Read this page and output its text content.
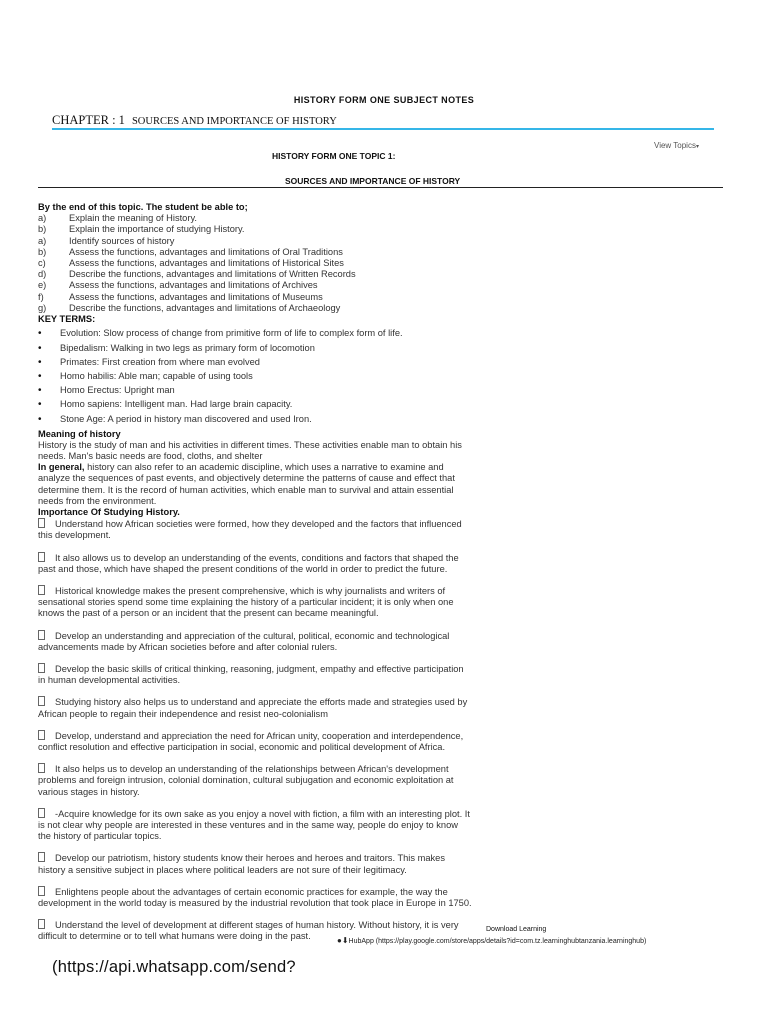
HISTORY FORM ONE SUBJECT NOTES
CHAPTER : 1 SOURCES AND IMPORTANCE OF HISTORY
View Topics▾
HISTORY FORM ONE TOPIC 1:
SOURCES AND IMPORTANCE OF HISTORY

By the end of this topic. The student be able to;

a)	Explain the meaning of History.
b)	Explain the importance of studying History.
a)	Identify sources of history
b)	Assess the functions, advantages and limitations of Oral Traditions
c)	Assess the functions, advantages and limitations of Historical Sites
d)	Describe the functions, advantages and limitations of Written Records
e)	Assess the functions, advantages and limitations of Archives
f)	Assess the functions, advantages and limitations of Museums
g)	Describe the functions, advantages and limitations of Archaeology

KEY TERMS:

• Evolution: Slow process of change from primitive form of life to complex form of life.
• Bipedalism: Walking in two legs as primary form of locomotion
• Primates: First creation from where man evolved
• Homo habilis: Able man; capable of using tools
• Homo Erectus: Upright man
• Homo sapiens: Intelligent man. Had large brain capacity.
• Stone Age: A period in history man discovered and used Iron.

Meaning of history

History is the study of man and his activities in different times. These activities enable man to obtain his needs. Man's basic needs are food, cloths, and shelter

In general, history can also refer to an academic discipline, which uses a narrative to examine and analyze the sequences of past events, and objectively determine the patterns of cause and effect that determine them. It is the record of human activities, which enable man to survival and attain essential needs from the environment.

Importance Of Studying History.

Understand how African societies were formed, how they developed and the factors that influenced this development.

It also allows us to develop an understanding of the events, conditions and factors that shaped the past and those, which have shaped the present conditions of the world in order to predict the future.

Historical knowledge makes the present comprehensive, which is why journalists and writers of sensational stories spend some time explaining the history of a particular incident; it is only when one knows the past of a person or an incident that the present can became meaningful.

Develop an understanding and appreciation of the cultural, political, economic and technological advancements made by African societies before and after colonial rulers.

Develop the basic skills of critical thinking, reasoning, judgment, empathy and effective participation in human developmental activities.

Studying history also helps us to understand and appreciate the efforts made and strategies used by African people to regain their independence and resist neo-colonialism

Develop, understand and appreciation the need for African unity, cooperation and interdependence, conflict resolution and effective participation in social, economic and political development of Africa.

It also helps us to develop an understanding of the relationships between African's development problems and foreign intrusion, colonial domination, cultural subjugation and economic exploitation at various stages in history.

-Acquire knowledge for its own sake as you enjoy a novel with fiction, a film with an interesting plot. It is not clear why people are interested in these ventures and in the same way, people do enjoy to know the history of particular topics.

Develop our patriotism, history students know their heroes and heroes and traitors. This makes history a sensitive subject in places where political leaders are not sure of their legitimacy.

Enlightens people about the advantages of certain economic practices for example, the way the development in the world today is measured by the industrial revolution that took place in Europe in 1750.

Understand the level of development at different stages of human history. Without history, it is very difficult to determine or to tell what humans were doing in the past.

Download Learning
●⬇HubApp (https://play.google.com/store/apps/details?id=com.tz.learninghubtanzania.learninghub)
(https://api.whatsapp.com/send?
